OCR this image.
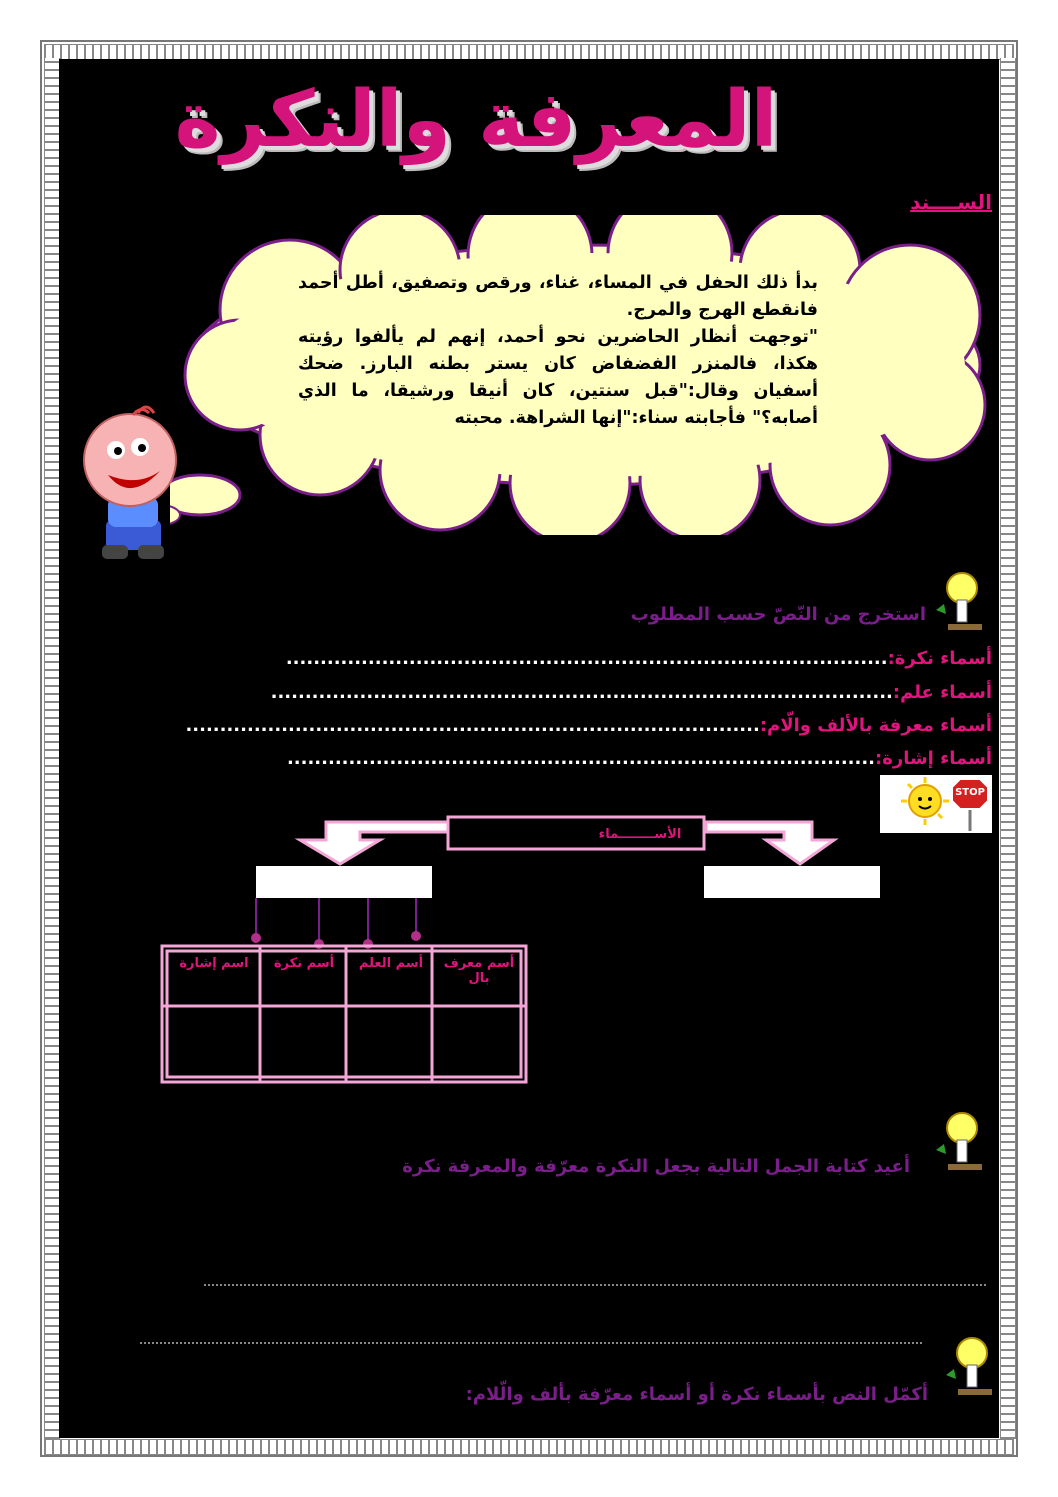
المعرفة والنكرة
الســــند

بدأ ذلك الحفل في المساء، غناء، ورقص وتصفيق، أطل أحمد فانقطع الهرج والمرج.

"توجهت أنظار الحاضرين نحو أحمد، إنهم لم يألفوا رؤيته هكذا، فالمنزر الفضفاض كان يستر بطنه البارز. ضحك أسفيان وقال:"قبل سنتين، كان أنيقا ورشيقا، ما الذي أصابه؟" فأجابته سناء:"إنها الشراهة. محبته

استخرج من النّصّ حسب المطلوب
أسماء نكرة:........................................................................................
أسماء علم:...........................................................................................
أسماء معرفة بالألف والّام:....................................................................................
أسماء إشارة:......................................................................................
STOP
الأســــــــماء
أسم معرف بال
أسم العلم
أسم نكرة
اسم إشارة
أعيد كتابة الجمل التالية بجعل النكرة معرّفة والمعرفة نكرة
أكمّل النص بأسماء نكرة أو أسماء معرّفة بألف والّلام:
